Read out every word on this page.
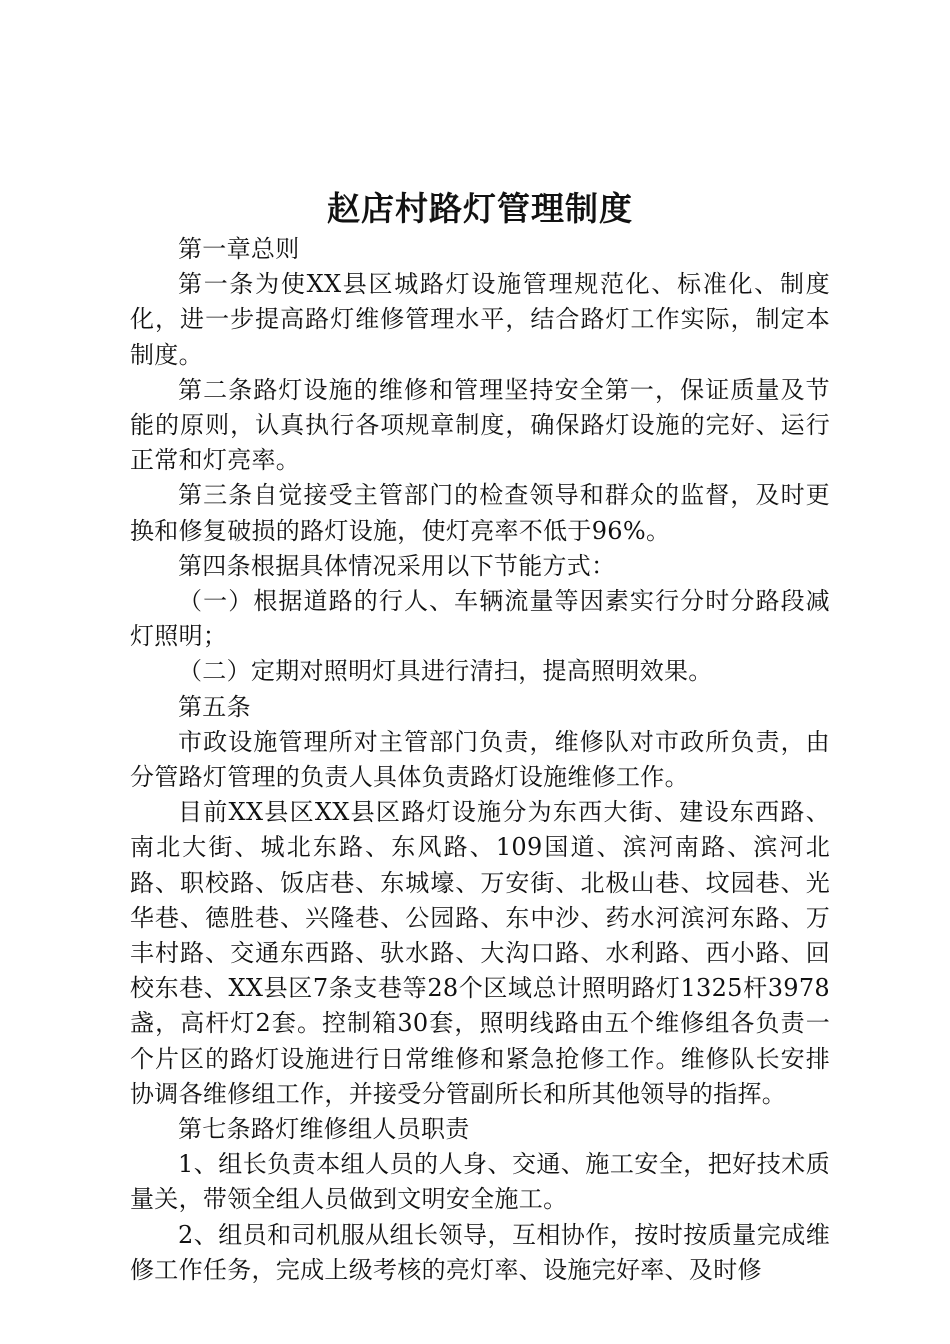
赵店村路灯管理制度

第一章总则

第一条为使XX县区城路灯设施管理规范化、标准化、制度化，进一步提高路灯维修管理水平，结合路灯工作实际，制定本制度。

第二条路灯设施的维修和管理坚持安全第一，保证质量及节能的原则，认真执行各项规章制度，确保路灯设施的完好、运行正常和灯亮率。

第三条自觉接受主管部门的检查领导和群众的监督，及时更换和修复破损的路灯设施，使灯亮率不低于96%。

第四条根据具体情况采用以下节能方式：

（一）根据道路的行人、车辆流量等因素实行分时分路段减灯照明；

（二）定期对照明灯具进行清扫，提高照明效果。

第五条

市政设施管理所对主管部门负责，维修队对市政所负责，由分管路灯管理的负责人具体负责路灯设施维修工作。

目前XX县区XX县区路灯设施分为东西大街、建设东西路、南北大街、城北东路、东风路、109国道、滨河南路、滨河北路、职校路、饭店巷、东城壕、万安街、北极山巷、坟园巷、光华巷、德胜巷、兴隆巷、公园路、东中沙、药水河滨河东路、万丰村路、交通东西路、驮水路、大沟口路、水利路、西小路、回校东巷、XX县区7条支巷等28个区域总计照明路灯1325杆3978盏，高杆灯2套。控制箱30套，照明线路由五个维修组各负责一个片区的路灯设施进行日常维修和紧急抢修工作。维修队长安排协调各维修组工作，并接受分管副所长和所其他领导的指挥。

第七条路灯维修组人员职责

1、组长负责本组人员的人身、交通、施工安全，把好技术质量关，带领全组人员做到文明安全施工。

2、组员和司机服从组长领导，互相协作，按时按质量完成维修工作任务，完成上级考核的亮灯率、设施完好率、及时修
